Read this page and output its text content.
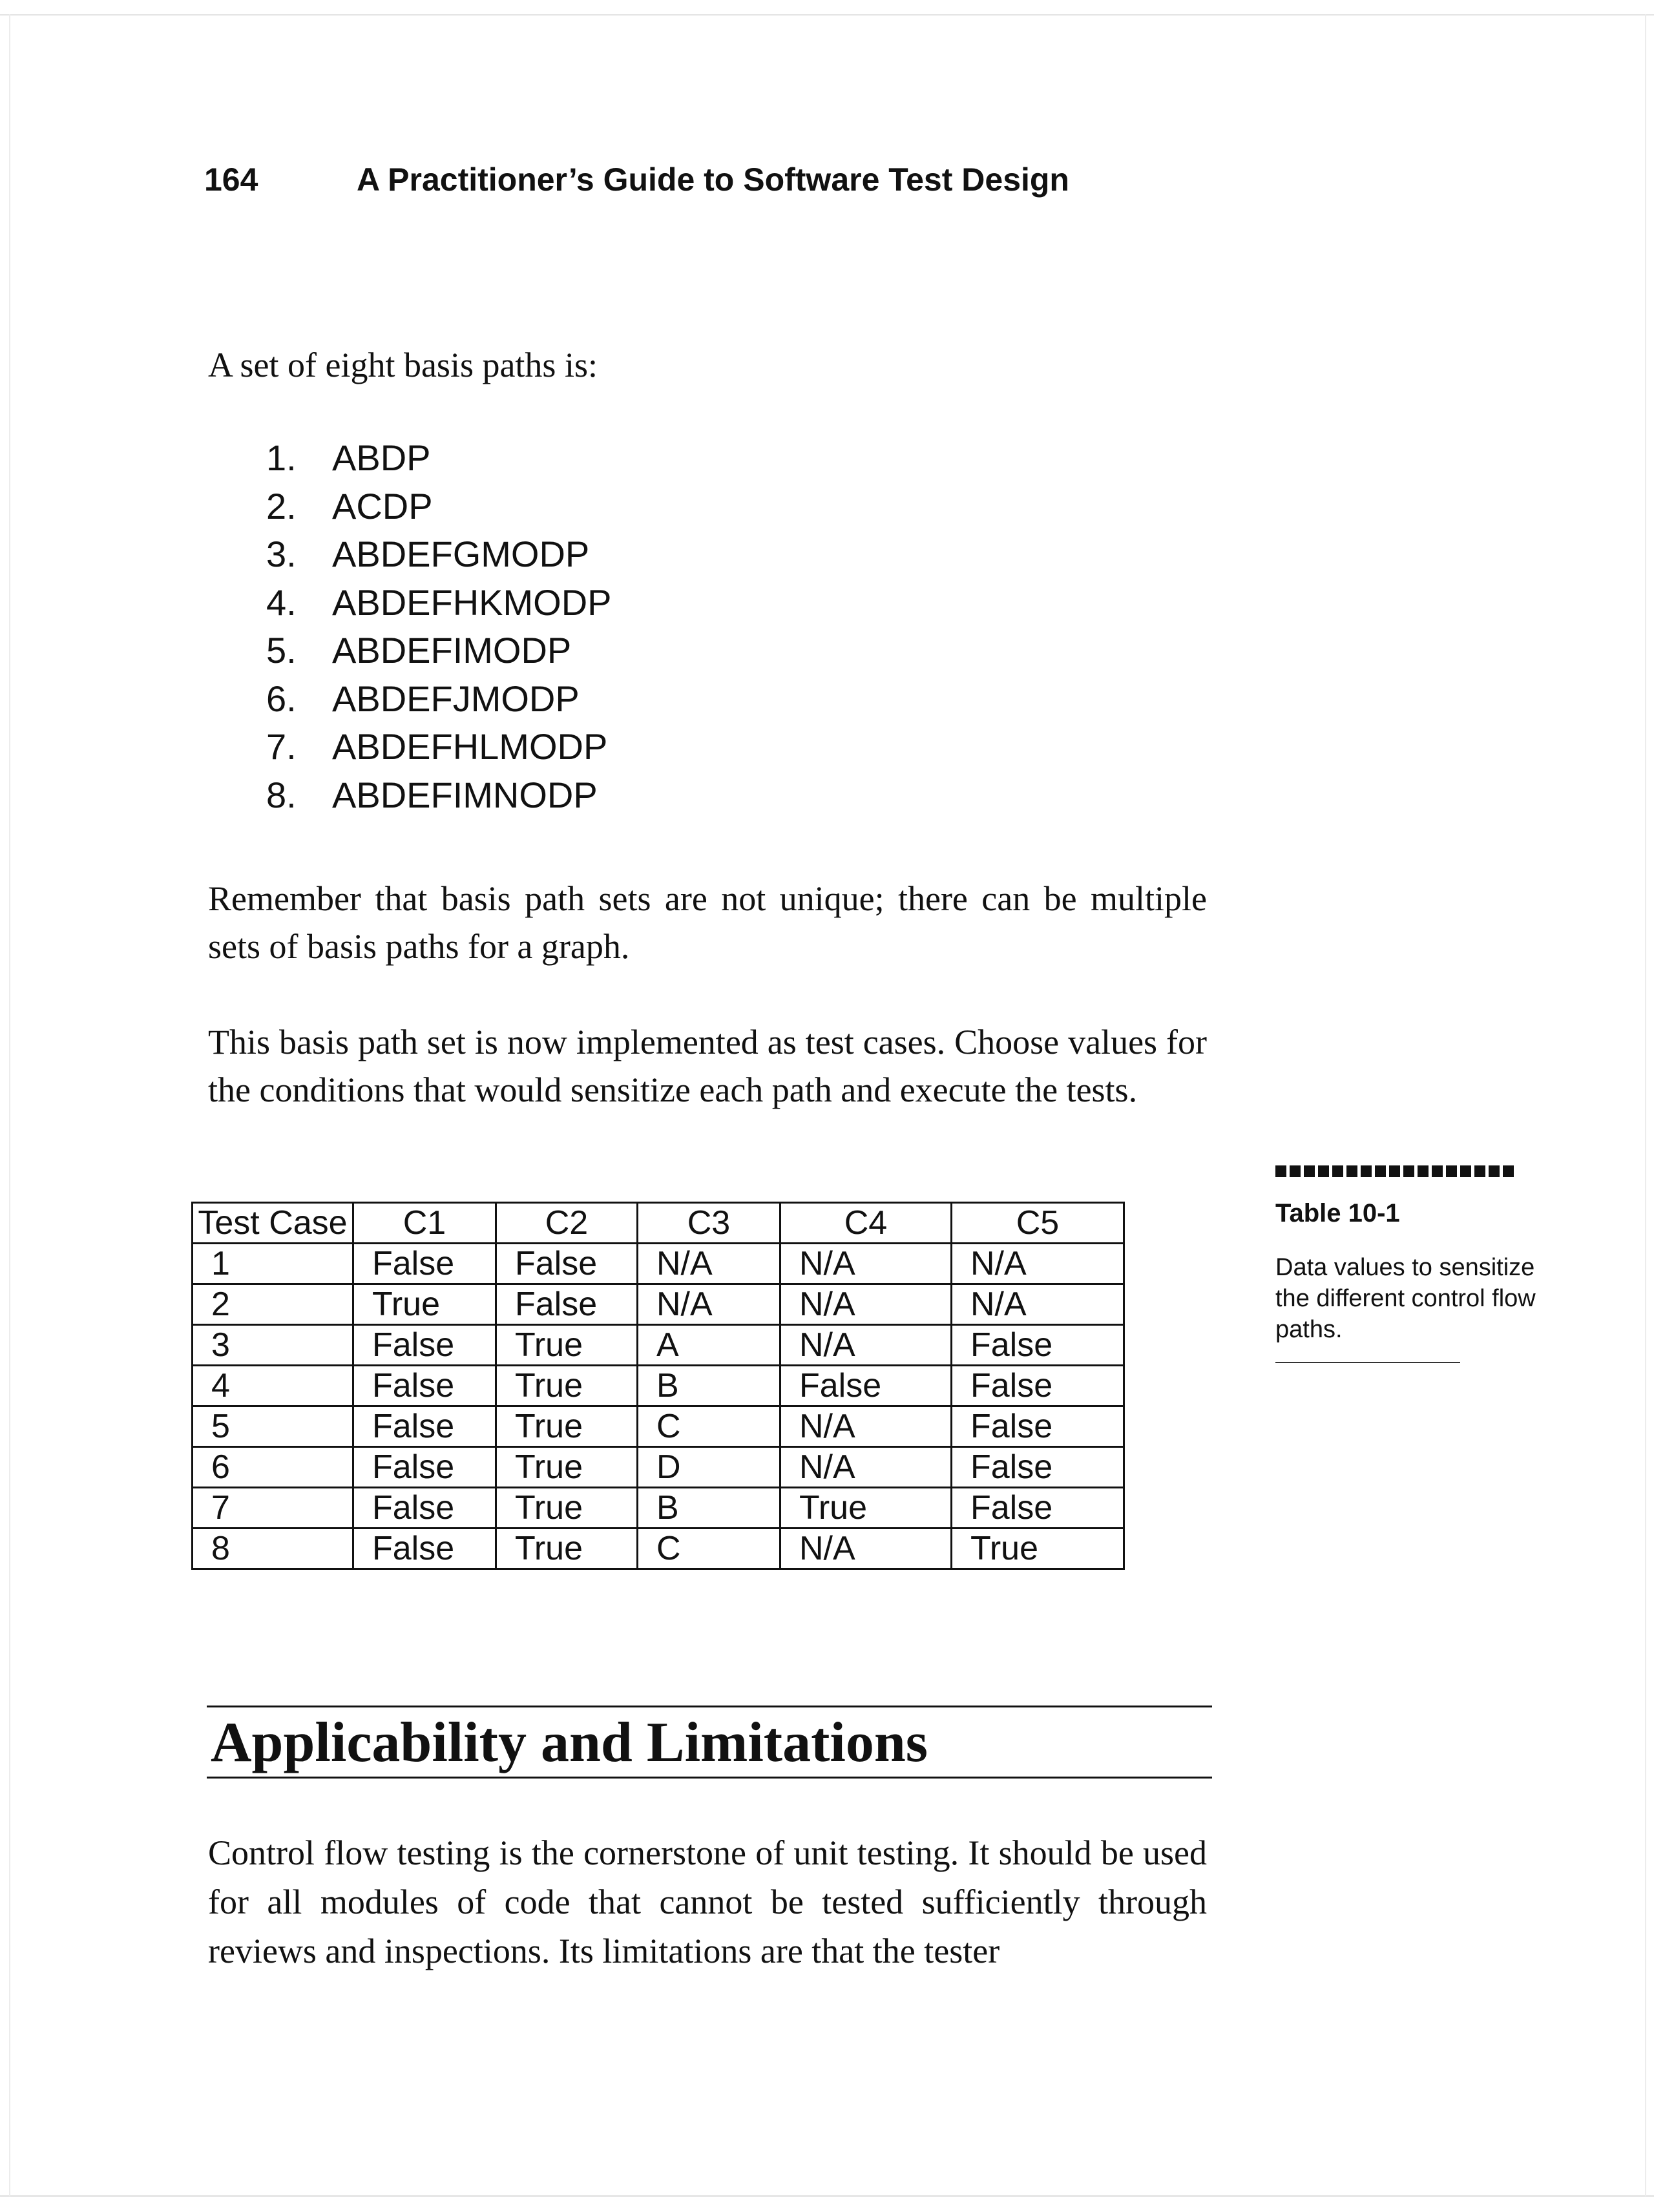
164	A Practitioner’s Guide to Software Test Design

A set of eight basis paths is:

1. ABDP
2. ACDP
3. ABDEFGMODP
4. ABDEFHKMODP
5. ABDEFIMODP
6. ABDEFJMODP
7. ABDEFHLMODP
8. ABDEFIMNODP

Remember that basis path sets are not unique; there can be multiple sets of basis paths for a graph.

This basis path set is now implemented as test cases. Choose values for the conditions that would sensitize each path and execute the tests.

Test Case	C1	C2	C3	C4	C5
1	False	False	N/A	N/A	N/A
2	True	False	N/A	N/A	N/A
3	False	True	A	N/A	False
4	False	True	B	False	False
5	False	True	C	N/A	False
6	False	True	D	N/A	False
7	False	True	B	True	False
8	False	True	C	N/A	True
Table 10-1
Data values to sensitize the different control flow paths.
Applicability and Limitations

Control flow testing is the cornerstone of unit testing. It should be used for all modules of code that cannot be tested sufficiently through reviews and inspections. Its limitations are that the tester
